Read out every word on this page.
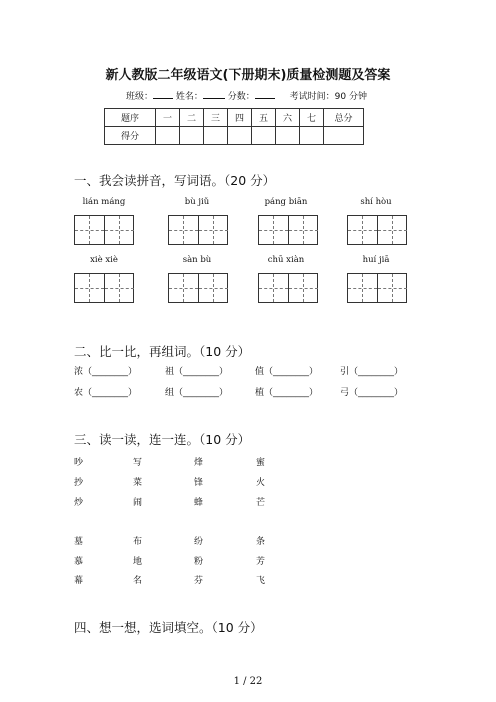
新人教版二年级语文(下册期末)质量检测题及答案
班级：	姓名：	分数：	考试时间：90 分钟
题序	一	二	三	四	五	六	七	总分
得分								
一、我会读拼音，写词语。（20 分）
lián máng	bù jiǔ	páng biān	shí hòu
xiè xiè	sàn bù	chū xiàn	huí jiā
二、比一比，再组词。（10 分）
浓（________）	祖（________）	值（________） 引（________）
农（________）	组（________）	植（________） 弓（________）
三、读一读，连一连。（10 分）
吵	写	烽	蜜
抄	菜	锋	火
炒	闹	蜂	芒
墓	布	纷	条
慕	地	粉	芳
幕	名	芬	飞
四、想一想，选词填空。（10 分）
1 / 22
